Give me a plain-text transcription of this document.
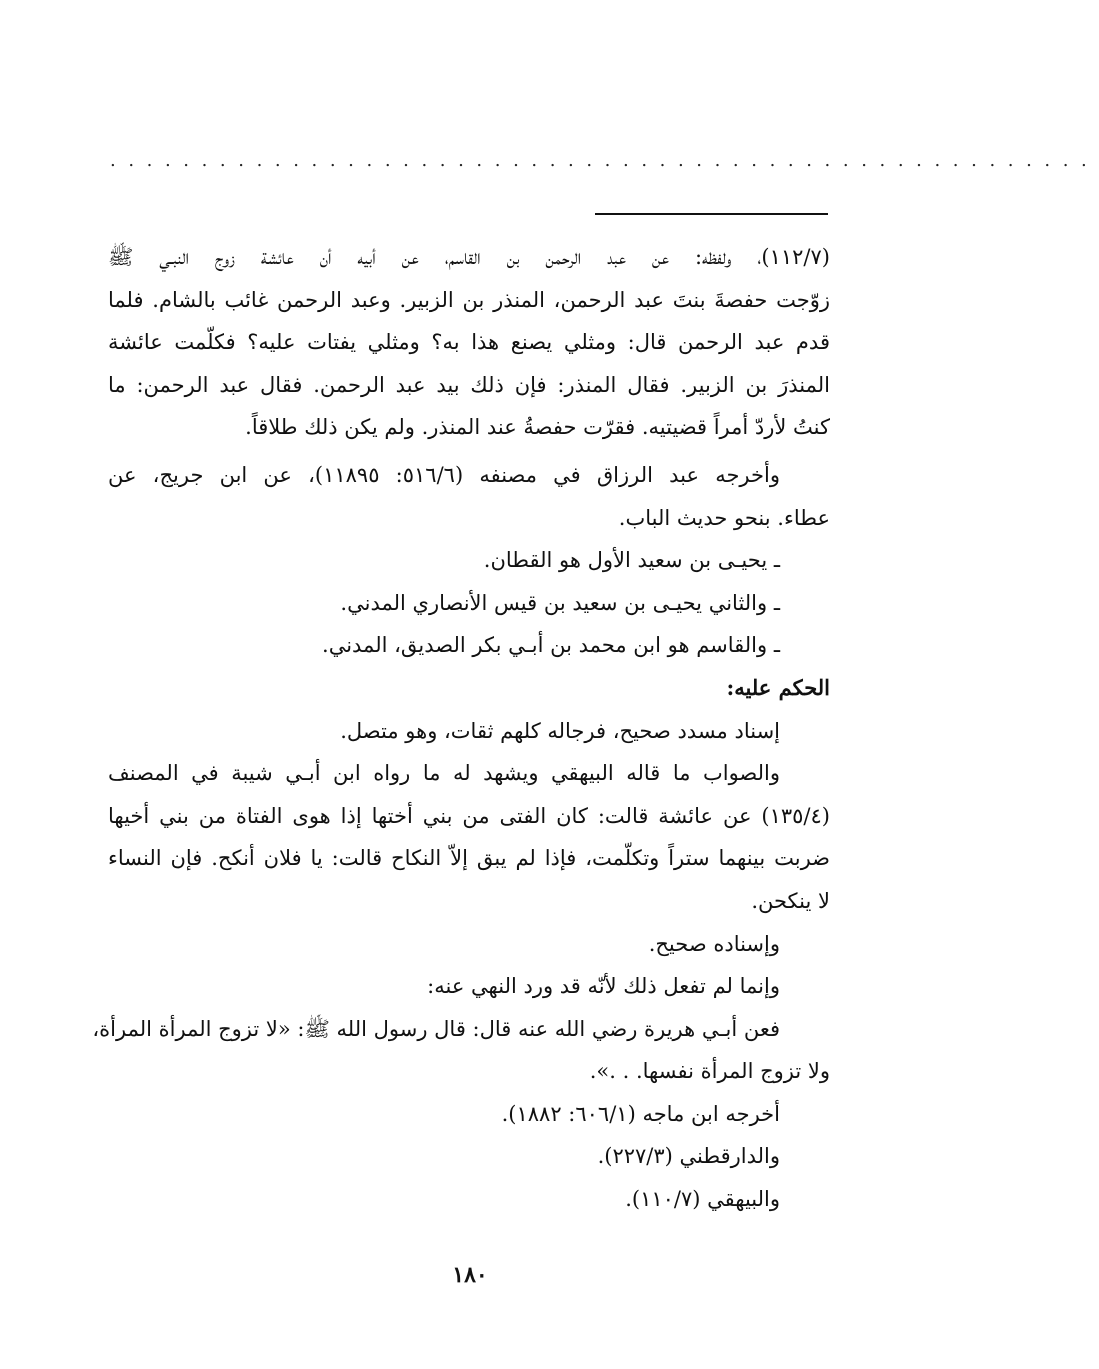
......................................................
(١١٢/٧)، ولفظه: عن عبد الرحمن بن القاسم، عن أبيه أن عائشة زوج النبـي ﷺ
زوّجت حفصةَ بنتَ عبد الرحمن، المنذر بن الزبير. وعبد الرحمن غائب بالشام. فلما
قدم عبد الرحمن قال: ومثلي يصنع هذا به؟ ومثلي يفتات عليه؟ فكلّمت عائشة
المنذرَ بن الزبير. فقال المنذر: فإن ذلك بيد عبد الرحمن. فقال عبد الرحمن: ما
كنتُ لأردّ أمراً قضيتيه. فقرّت حفصةُ عند المنذر. ولم يكن ذلك طلاقاً.
وأخرجه عبد الرزاق في مصنفه (٥١٦/٦: ١١٨٩٥)، عن ابن جريج، عن
عطاء. بنحو حديث الباب.
ـ يحيـى بن سعيد الأول هو القطان.
ـ والثاني يحيـى بن سعيد بن قيس الأنصاري المدني.
ـ والقاسم هو ابن محمد بن أبـي بكر الصديق، المدني.
الحكم عليه:
إسناد مسدد صحيح، فرجاله كلهم ثقات، وهو متصل.
والصواب ما قاله البيهقي ويشهد له ما رواه ابن أبـي شيبة في المصنف
(١٣٥/٤) عن عائشة قالت: كان الفتى من بني أختها إذا هوى الفتاة من بني أخيها
ضربت بينهما ستراً وتكلّمت، فإذا لم يبق إلاّ النكاح قالت: يا فلان أنكح. فإن النساء
لا ينكحن.
وإسناده صحيح.
وإنما لم تفعل ذلك لأنّه قد ورد النهي عنه:
فعن أبـي هريرة رضي الله عنه قال: قال رسول الله ﷺ: «لا تزوج المرأة المرأة،
ولا تزوج المرأة نفسها. . .».
أخرجه ابن ماجه (٦٠٦/١: ١٨٨٢).
والدارقطني (٢٢٧/٣).
والبيهقي (١١٠/٧).
١٨٠
